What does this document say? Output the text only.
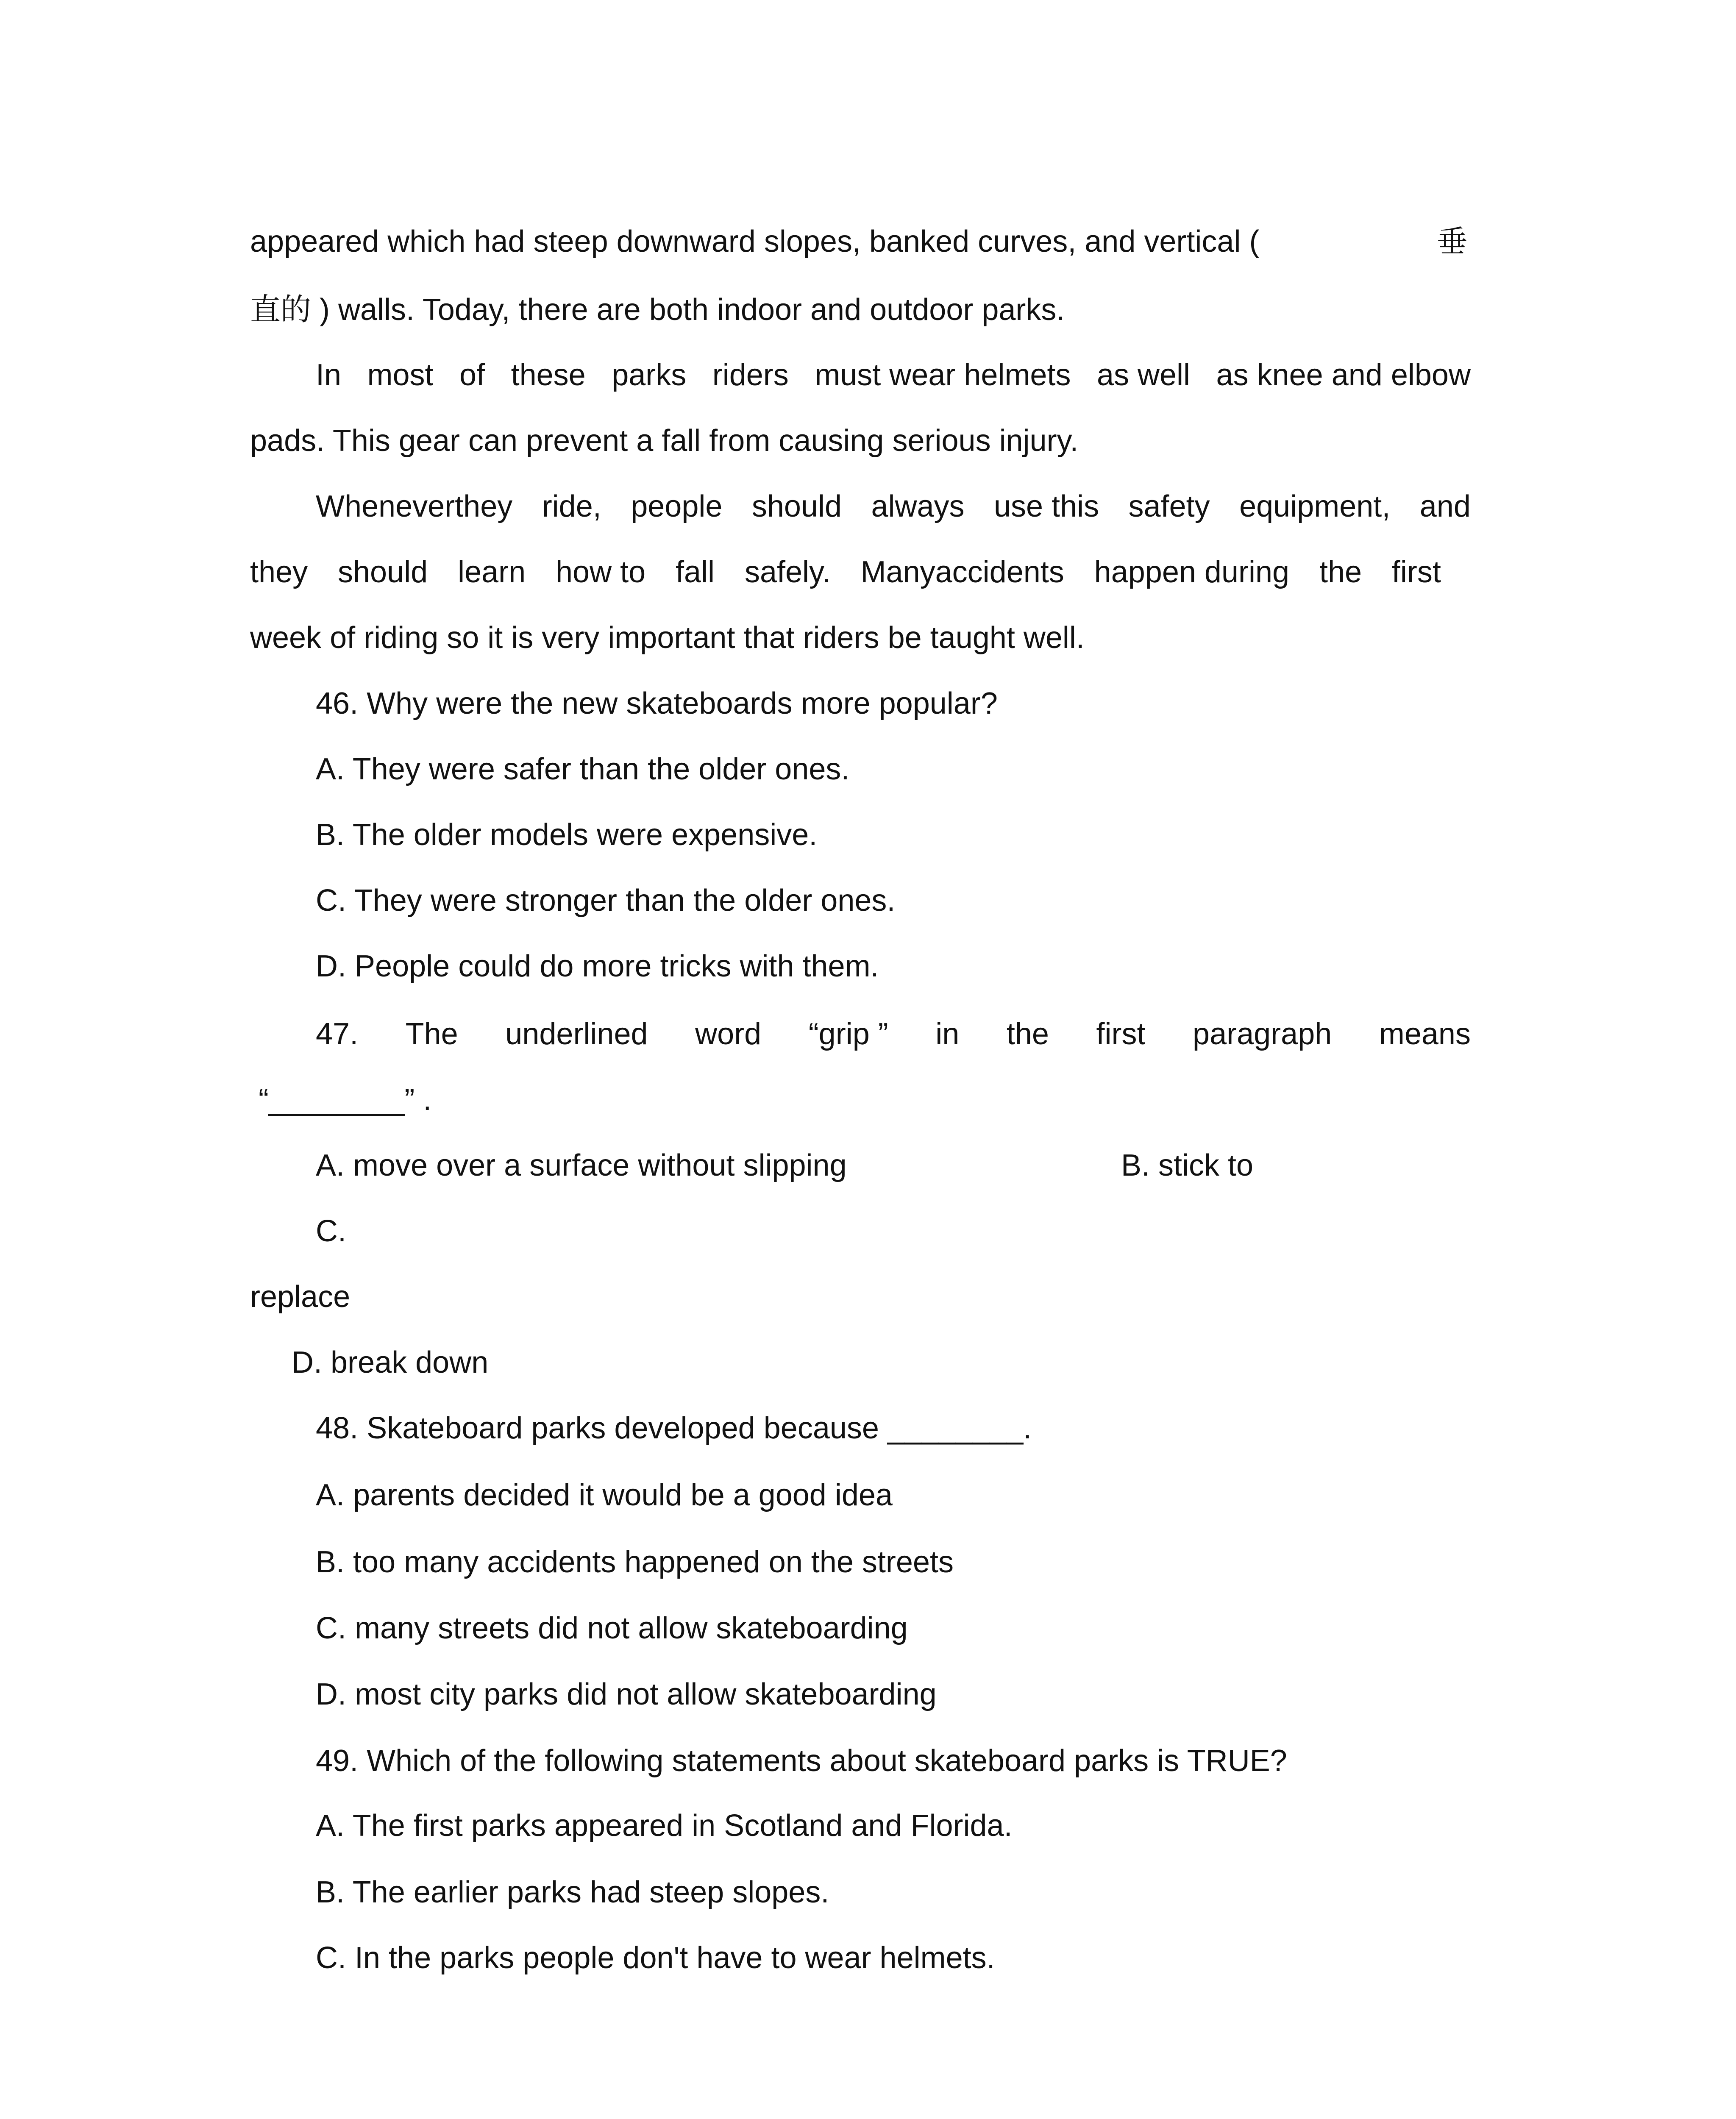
appeared which had steep downward slopes, banked curves, and vertical (	垂
直的 ) walls. Today, there are both indoor and outdoor parks.
In most of these parks riders must wear helmets as well as knee and elbow
pads. This gear can prevent a fall from causing serious injury.
Wheneverthey ride, people should always use this safety equipment, and
they should learn how to fall safely. Manyaccidents happen during the first
week of riding so it is very important that riders be taught well.
46. Why were the new skateboards more popular?
A. They were safer than the older ones.
B. The older models were expensive.
C. They were stronger than the older ones.
D. People could do more tricks with them.
47. The underlined word “grip ” in the first paragraph means
“________” .
A. move over a surface without slipping	B. stick to
C.
replace
D. break down
48. Skateboard parks developed because ________.
A. parents decided it would be a good idea
B. too many accidents happened on the streets
C. many streets did not allow skateboarding
D. most city parks did not allow skateboarding
49. Which of the following statements about skateboard parks is TRUE?
A. The first parks appeared in Scotland and Florida.
B. The earlier parks had steep slopes.
C. In the parks people don't have to wear helmets.
